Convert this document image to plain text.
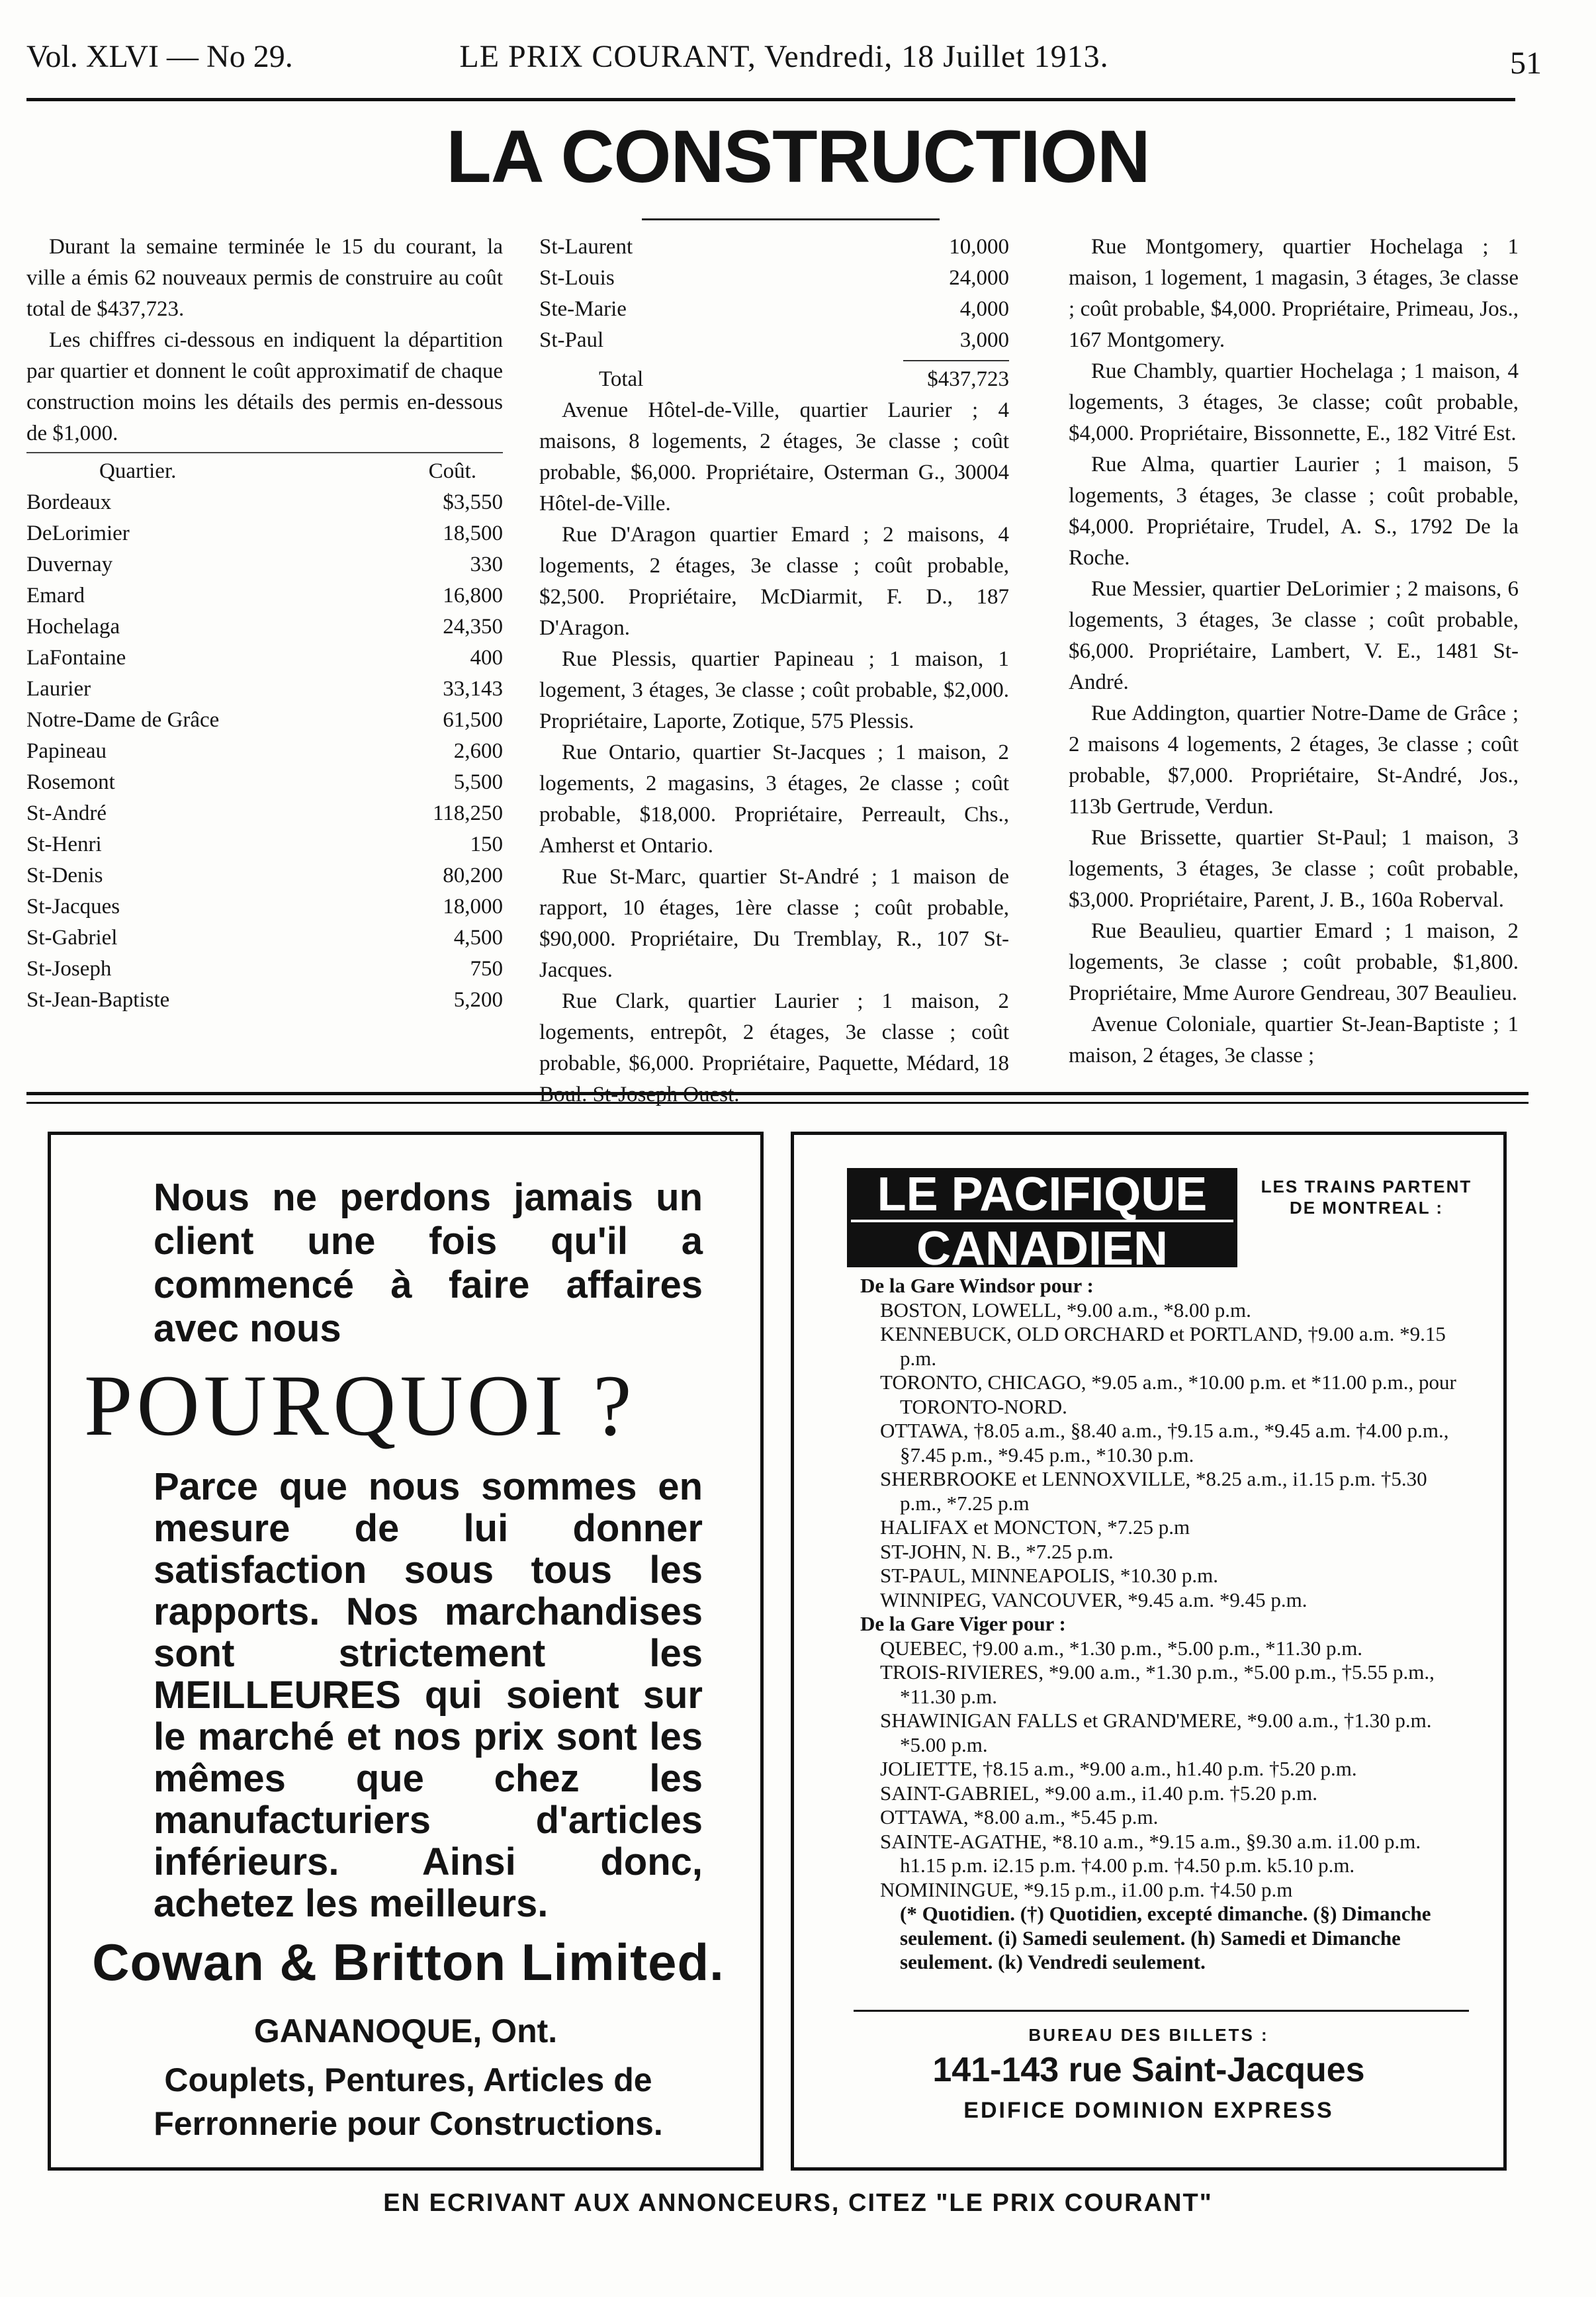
Vol. XLVI — No 29.	LE PRIX COURANT, Vendredi, 18 Juillet 1913.	51
LA CONSTRUCTION

Durant la semaine terminée le 15 du courant, la ville a émis 62 nouveaux permis de construire au coût total de $437,723.

Les chiffres ci-dessous en indiquent la départition par quartier et donnent le coût approximatif de chaque construction moins les détails des permis en-dessous de $1,000.

Quartier.	Coût.
Bordeaux	$3,550
DeLorimier	18,500
Duvernay	330
Emard	16,800
Hochelaga	24,350
LaFontaine	400
Laurier	33,143
Notre-Dame de Grâce	61,500
Papineau	2,600
Rosemont	5,500
St-André	118,250
St-Henri	150
St-Denis	80,200
St-Jacques	18,000
St-Gabriel	4,500
St-Joseph	750
St-Jean-Baptiste	5,200
St-Laurent	10,000
St-Louis	24,000
Ste-Marie	4,000
St-Paul	3,000
Total	$437,723

Avenue Hôtel-de-Ville, quartier Laurier ; 4 maisons, 8 logements, 2 étages, 3e classe ; coût probable, $6,000. Propriétaire, Osterman G., 30004 Hôtel-de-Ville.

Rue D'Aragon quartier Emard ; 2 maisons, 4 logements, 2 étages, 3e classe ; coût probable, $2,500. Propriétaire, McDiarmit, F. D., 187 D'Aragon.

Rue Plessis, quartier Papineau ; 1 maison, 1 logement, 3 étages, 3e classe ; coût probable, $2,000. Propriétaire, Laporte, Zotique, 575 Plessis.

Rue Ontario, quartier St-Jacques ; 1 maison, 2 logements, 2 magasins, 3 étages, 2e classe ; coût probable, $18,000. Propriétaire, Perreault, Chs., Amherst et Ontario.

Rue St-Marc, quartier St-André ; 1 maison de rapport, 10 étages, 1ère classe ; coût probable, $90,000. Propriétaire, Du Tremblay, R., 107 St-Jacques.

Rue Clark, quartier Laurier ; 1 maison, 2 logements, entrepôt, 2 étages, 3e classe ; coût probable, $6,000. Propriétaire, Paquette, Médard, 18 Boul. St-Joseph Ouest.

Rue Montgomery, quartier Hochelaga ; 1 maison, 1 logement, 1 magasin, 3 étages, 3e classe ; coût probable, $4,000. Propriétaire, Primeau, Jos., 167 Montgomery.

Rue Chambly, quartier Hochelaga ; 1 maison, 4 logements, 3 étages, 3e classe; coût probable, $4,000. Propriétaire, Bissonnette, E., 182 Vitré Est.

Rue Alma, quartier Laurier ; 1 maison, 5 logements, 3 étages, 3e classe ; coût probable, $4,000. Propriétaire, Trudel, A. S., 1792 De la Roche.

Rue Messier, quartier DeLorimier ; 2 maisons, 6 logements, 3 étages, 3e classe ; coût probable, $6,000. Propriétaire, Lambert, V. E., 1481 St-André.

Rue Addington, quartier Notre-Dame de Grâce ; 2 maisons 4 logements, 2 étages, 3e classe ; coût probable, $7,000. Propriétaire, St-André, Jos., 113b Gertrude, Verdun.

Rue Brissette, quartier St-Paul; 1 maison, 3 logements, 3 étages, 3e classe ; coût probable, $3,000. Propriétaire, Parent, J. B., 160a Roberval.

Rue Beaulieu, quartier Emard ; 1 maison, 2 logements, 3e classe ; coût probable, $1,800. Propriétaire, Mme Aurore Gendreau, 307 Beaulieu.

Avenue Coloniale, quartier St-Jean-Baptiste ; 1 maison, 2 étages, 3e classe ;

Nous ne perdons jamais un client une fois qu'il a commencé à faire affaires avec nous
POURQUOI ?
Parce que nous sommes en mesure de lui donner satisfaction sous tous les rapports. Nos marchandises sont strictement les MEILLEURES qui soient sur le marché et nos prix sont les mêmes que chez les manufacturiers d'articles inférieurs. Ainsi donc, achetez les meilleurs.
Cowan & Britton Limited.
GANANOQUE, Ont.
Couplets, Pentures, Articles de Ferronnerie pour Constructions.
LE PACIFIQUE
CANADIEN
LES TRAINS PARTENT DE MONTREAL :
De la Gare Windsor pour :
BOSTON, LOWELL, *9.00 a.m., *8.00 p.m.
KENNEBUCK, OLD ORCHARD et PORTLAND, †9.00 a.m. *9.15 p.m.
TORONTO, CHICAGO, *9.05 a.m., *10.00 p.m. et *11.00 p.m., pour TORONTO-NORD.
OTTAWA, †8.05 a.m., §8.40 a.m., †9.15 a.m., *9.45 a.m. †4.00 p.m., §7.45 p.m., *9.45 p.m., *10.30 p.m.
SHERBROOKE et LENNOXVILLE, *8.25 a.m., i1.15 p.m. †5.30 p.m., *7.25 p.m
HALIFAX et MONCTON, *7.25 p.m
ST-JOHN, N. B., *7.25 p.m.
ST-PAUL, MINNEAPOLIS, *10.30 p.m.
WINNIPEG, VANCOUVER, *9.45 a.m. *9.45 p.m.
De la Gare Viger pour :
QUEBEC, †9.00 a.m., *1.30 p.m., *5.00 p.m., *11.30 p.m.
TROIS-RIVIERES, *9.00 a.m., *1.30 p.m., *5.00 p.m., †5.55 p.m., *11.30 p.m.
SHAWINIGAN FALLS et GRAND'MERE, *9.00 a.m., †1.30 p.m. *5.00 p.m.
JOLIETTE, †8.15 a.m., *9.00 a.m., h1.40 p.m. †5.20 p.m.
SAINT-GABRIEL, *9.00 a.m., i1.40 p.m. †5.20 p.m.
OTTAWA, *8.00 a.m., *5.45 p.m.
SAINTE-AGATHE, *8.10 a.m., *9.15 a.m., §9.30 a.m. i1.00 p.m. h1.15 p.m. i2.15 p.m. †4.00 p.m. †4.50 p.m. k5.10 p.m.
NOMININGUE, *9.15 p.m., i1.00 p.m. †4.50 p.m
(* Quotidien. (†) Quotidien, excepté dimanche. (§) Dimanche seulement. (i) Samedi seulement. (h) Samedi et Dimanche seulement. (k) Vendredi seulement.
BUREAU DES BILLETS :
141-143 rue Saint-Jacques
EDIFICE DOMINION EXPRESS
EN ECRIVANT AUX ANNONCEURS, CITEZ "LE PRIX COURANT"
